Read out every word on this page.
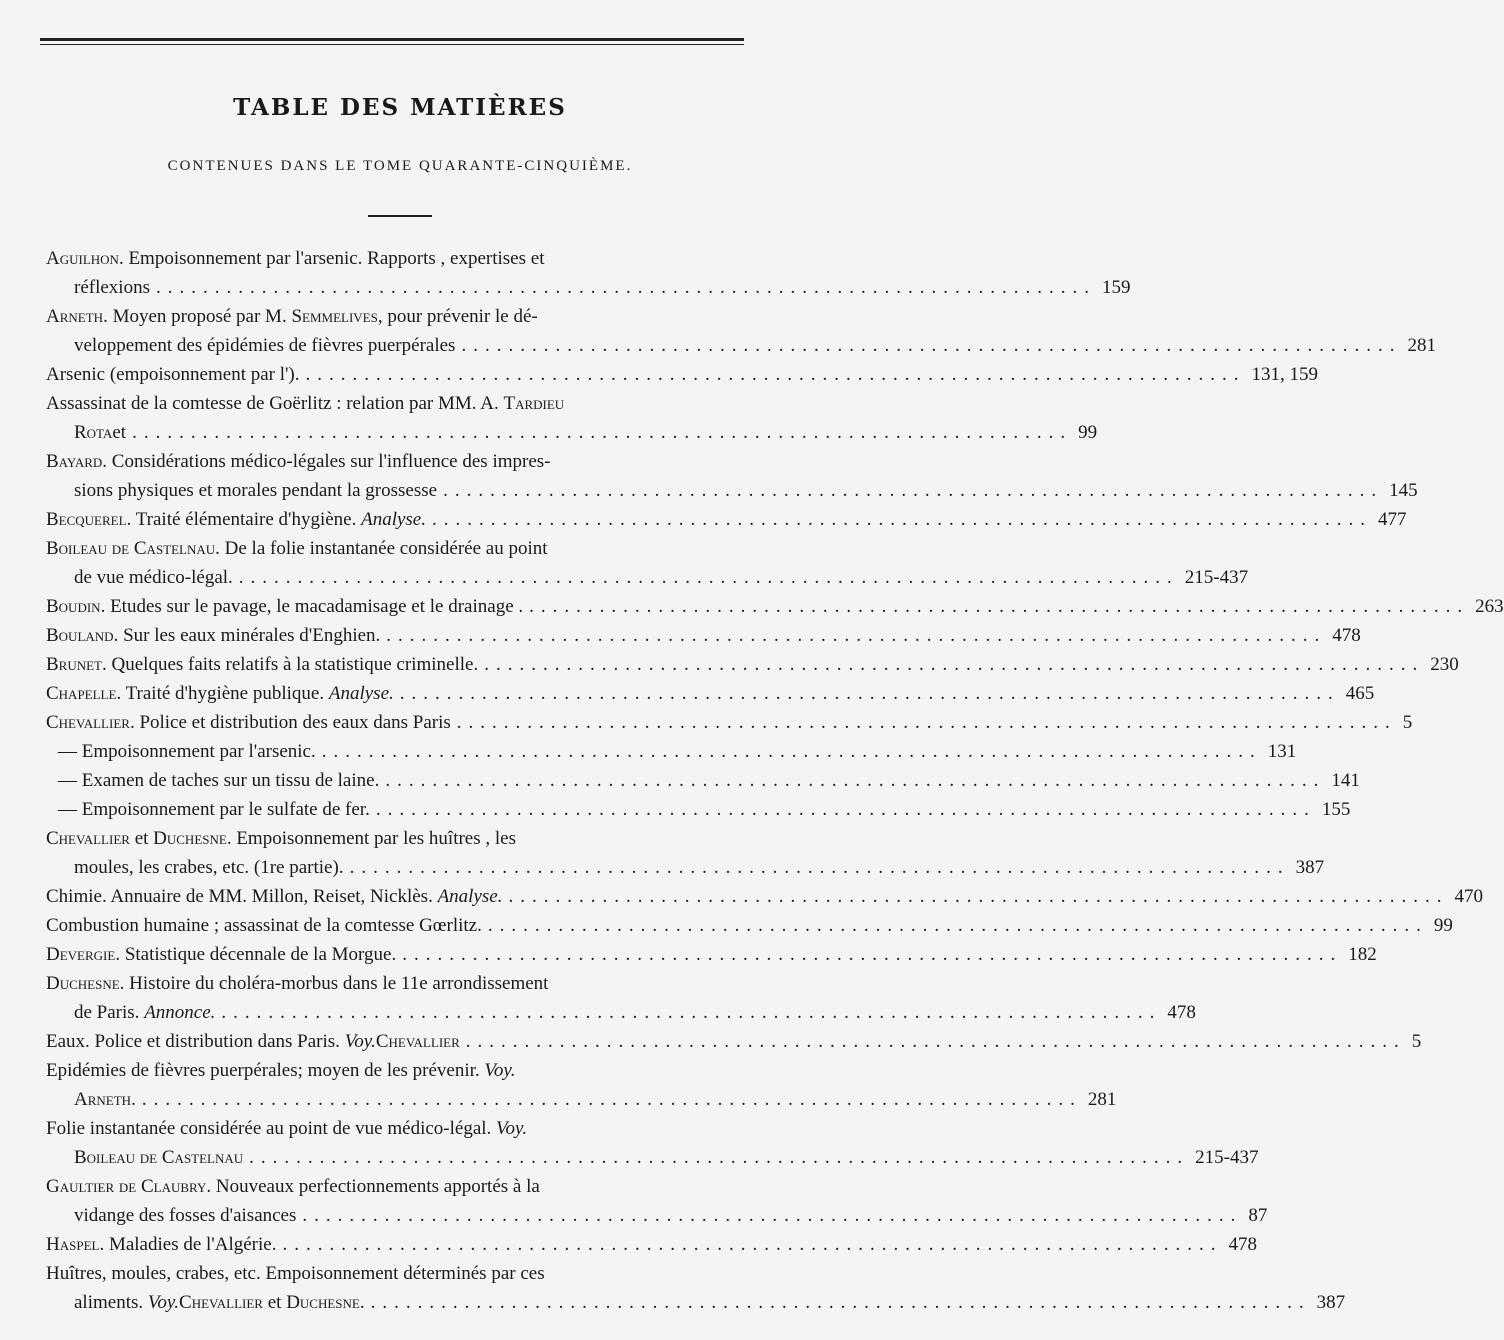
TABLE DES MATIÈRES
CONTENUES DANS LE TOME QUARANTE-CINQUIÈME.
Aguilhon. Empoisonnement par l'arsenic. Rapports , expertises et
réflexions ................................................................................ 159
Arneth. Moyen proposé par M. Semmelives, pour prévenir le dé-
veloppement des épidémies de fièvres puerpérales ................................................................................ 281
Arsenic (empoisonnement par l'). ................................................................................ 131, 159
Assassinat de la comtesse de Goërlitz : relation par MM. A. Tardieu
Rotaet ................................................................................ 99
Bayard. Considérations médico-légales sur l'influence des impres-
sions physiques et morales pendant la grossesse ................................................................................ 145
Becquerel. Traité élémentaire d'hygiène. Analyse. ................................................................................ 477
Boileau de Castelnau. De la folie instantanée considérée au point
de vue médico-légal. ................................................................................ 215-437
Boudin. Etudes sur le pavage, le macadamisage et le drainage . ................................................................................ 263
Bouland. Sur les eaux minérales d'Enghien. ................................................................................ 478
Brunet. Quelques faits relatifs à la statistique criminelle. ................................................................................ 230
Chapelle. Traité d'hygiène publique. Analyse. ................................................................................ 465
Chevallier. Police et distribution des eaux dans Paris ................................................................................ 5
— Empoisonnement par l'arsenic. ................................................................................ 131
— Examen de taches sur un tissu de laine. ................................................................................ 141
— Empoisonnement par le sulfate de fer. ................................................................................ 155
Chevallier et Duchesne. Empoisonnement par les huîtres , les
moules, les crabes, etc. (1re partie). ................................................................................ 387
Chimie. Annuaire de MM. Millon, Reiset, Nicklès. Analyse. ................................................................................ 470
Combustion humaine ; assassinat de la comtesse Gœrlitz. ................................................................................ 99
Devergie. Statistique décennale de la Morgue. ................................................................................ 182
Duchesne. Histoire du choléra-morbus dans le 11e arrondissement
de Paris. Annonce. ................................................................................ 478
Eaux. Police et distribution dans Paris. Voy.Chevallier ................................................................................ 5
Epidémies de fièvres puerpérales; moyen de les prévenir. Voy.
Arneth. ................................................................................ 281
Folie instantanée considérée au point de vue médico-légal. Voy.
Boileau de Castelnau ................................................................................ 215-437
Gaultier de Claubry. Nouveaux perfectionnements apportés à la
vidange des fosses d'aisances ................................................................................ 87
Haspel. Maladies de l'Algérie. ................................................................................ 478
Huîtres, moules, crabes, etc. Empoisonnement déterminés par ces
aliments. Voy.Chevallier et Duchesne. ................................................................................ 387
